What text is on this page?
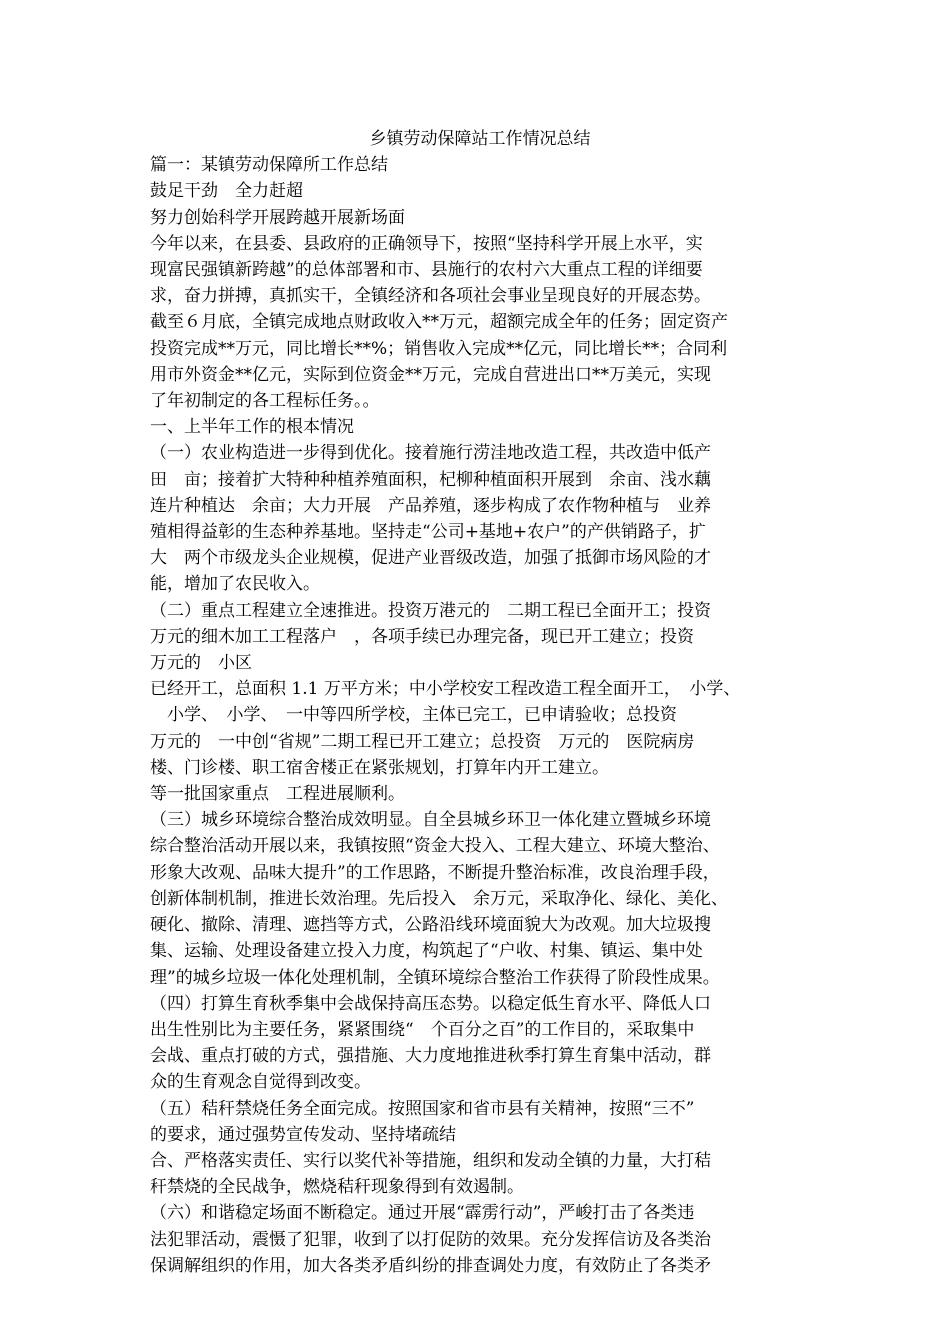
乡镇劳动保障站工作情况总结

篇一：某镇劳动保障所工作总结

鼓足干劲　全力赶超

努力创始科学开展跨越开展新场面

今年以来，在县委、县政府的正确领导下，按照“坚持科学开展上水平，实

现富民强镇新跨越”的总体部署和市、县施行的农村六大重点工程的详细要

求，奋力拼搏，真抓实干，全镇经济和各项社会事业呈现良好的开展态势。

截至６月底，全镇完成地点财政收入**万元，超额完成全年的任务；固定资产

投资完成**万元，同比增长**%；销售收入完成**亿元，同比增长**；合同利

用市外资金**亿元，实际到位资金**万元，完成自营进出口**万美元，实现

了年初制定的各工程标任务。。

一、上半年工作的根本情况

（一）农业构造进一步得到优化。接着施行涝洼地改造工程，共改造中低产

田　亩；接着扩大特种种植养殖面积，杞柳种植面积开展到　余亩、浅水藕

连片种植达　余亩；大力开展　产品养殖，逐步构成了农作物种植与　业养

殖相得益彰的生态种养基地。坚持走“公司+基地+农户”的产供销路子，扩

大　两个市级龙头企业规模，促进产业晋级改造，加强了抵御市场风险的才

能，增加了农民收入。

（二）重点工程建立全速推进。投资万港元的　二期工程已全面开工；投资

万元的细木加工工程落户　，各项手续已办理完备，现已开工建立；投资

万元的　小区

已经开工，总面积 1.1 万平方米；中小学校安工程改造工程全面开工，　小学、

　小学、　小学、　一中等四所学校，主体已完工，已申请验收；总投资

万元的　一中创“省规”二期工程已开工建立；总投资　万元的　医院病房

楼、门诊楼、职工宿舍楼正在紧张规划，打算年内开工建立。

等一批国家重点　工程进展顺利。

（三）城乡环境综合整治成效明显。自全县城乡环卫一体化建立暨城乡环境

综合整治活动开展以来，我镇按照“资金大投入、工程大建立、环境大整治、

形象大改观、品味大提升”的工作思路，不断提升整治标准，改良治理手段，

创新体制机制，推进长效治理。先后投入　余万元，采取净化、绿化、美化、

硬化、撤除、清理、遮挡等方式，公路沿线环境面貌大为改观。加大垃圾搜

集、运输、处理设备建立投入力度，构筑起了“户收、村集、镇运、集中处

理”的城乡垃圾一体化处理机制，全镇环境综合整治工作获得了阶段性成果。

（四）打算生育秋季集中会战保持高压态势。以稳定低生育水平、降低人口

出生性别比为主要任务，紧紧围绕“　个百分之百”的工作目的，采取集中

会战、重点打破的方式，强措施、大力度地推进秋季打算生育集中活动，群

众的生育观念自觉得到改变。

（五）秸秆禁烧任务全面完成。按照国家和省市县有关精神，按照“三不”

的要求，通过强势宣传发动、坚持堵疏结

合、严格落实责任、实行以奖代补等措施，组织和发动全镇的力量，大打秸

秆禁烧的全民战争，燃烧秸秆现象得到有效遏制。

（六）和谐稳定场面不断稳定。通过开展“霹雳行动”，严峻打击了各类违

法犯罪活动，震慑了犯罪，收到了以打促防的效果。充分发挥信访及各类治

保调解组织的作用，加大各类矛盾纠纷的排查调处力度，有效防止了各类矛
